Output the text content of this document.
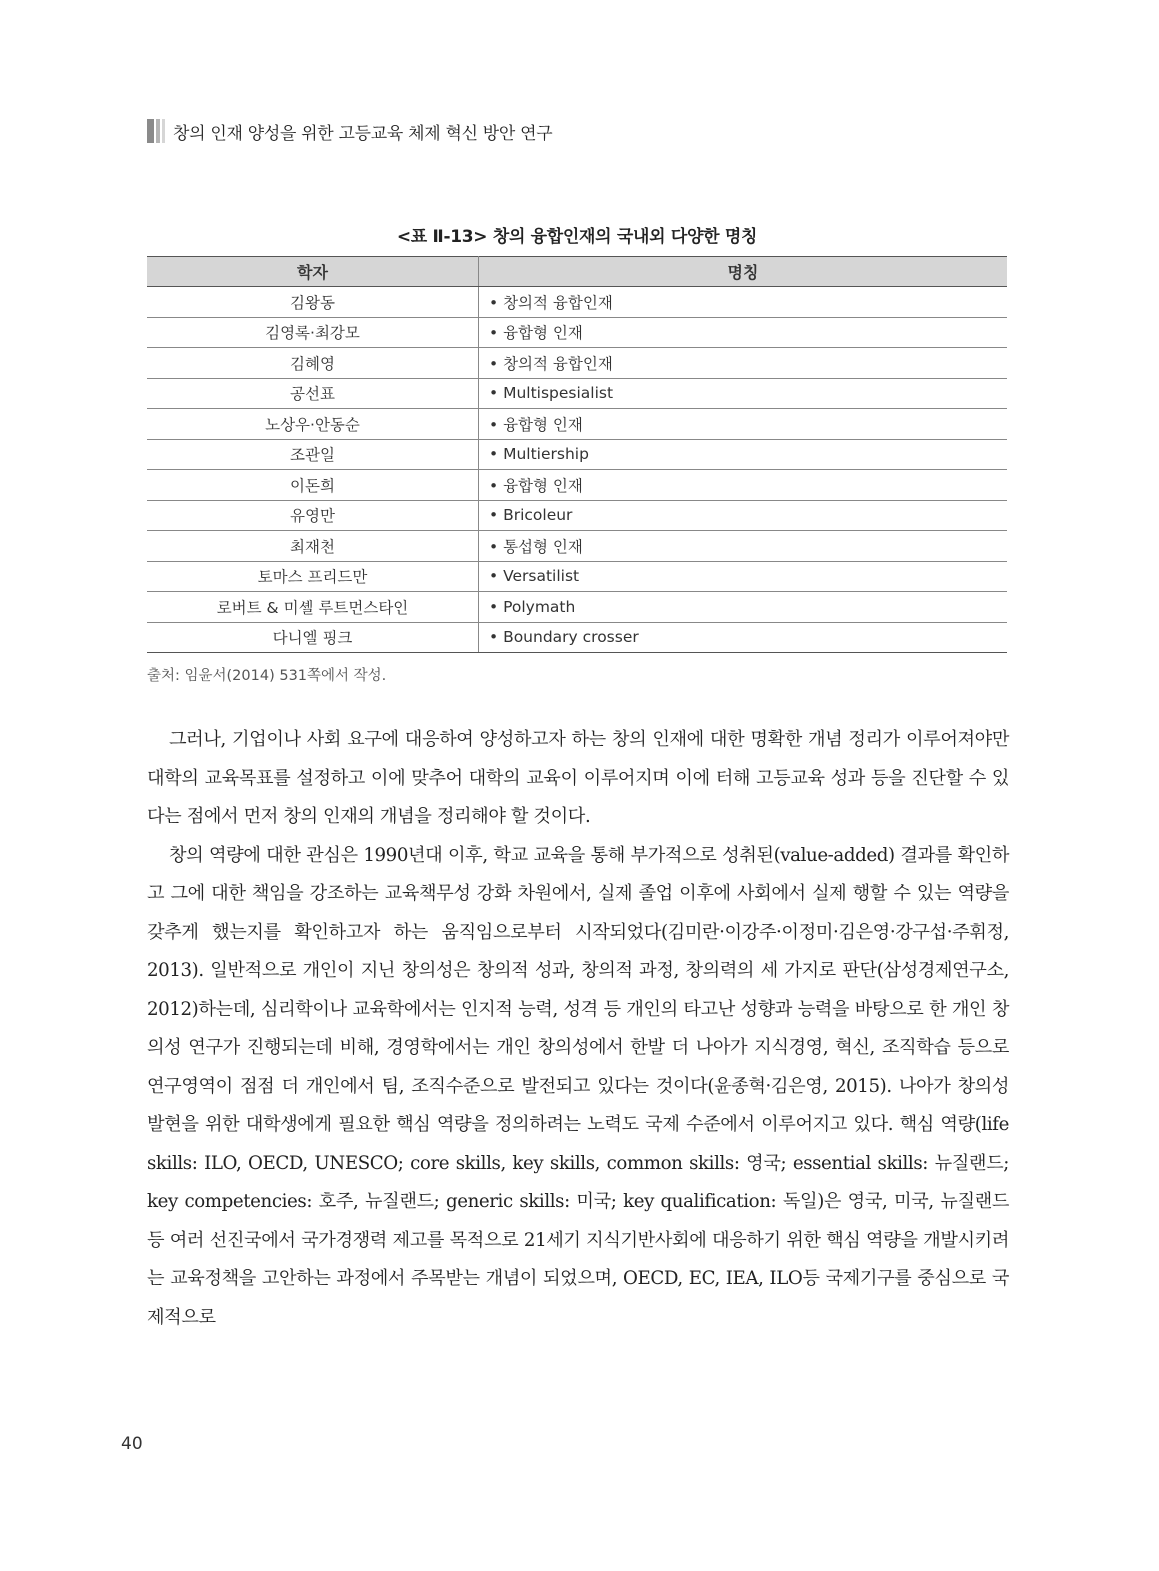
창의 인재 양성을 위한 고등교육 체제 혁신 방안 연구
<표 Ⅱ-13> 창의 융합인재의 국내외 다양한 명칭
학자	명칭
김왕동	• 창의적 융합인재
김영록·최강모	• 융합형 인재
김혜영	• 창의적 융합인재
공선표	• Multispesialist
노상우·안동순	• 융합형 인재
조관일	• Multiership
이돈희	• 융합형 인재
유영만	• Bricoleur
최재천	• 통섭형 인재
토마스 프리드만	• Versatilist
로버트 & 미셸 루트먼스타인	• Polymath
다니엘 핑크	• Boundary crosser
출처: 임윤서(2014) 531쪽에서 작성.

그러나, 기업이나 사회 요구에 대응하여 양성하고자 하는 창의 인재에 대한 명확한 개념 정리가 이루어져야만 대학의 교육목표를 설정하고 이에 맞추어 대학의 교육이 이루어지며 이에 터해 고등교육 성과 등을 진단할 수 있다는 점에서 먼저 창의 인재의 개념을 정리해야 할 것이다.

창의 역량에 대한 관심은 1990년대 이후, 학교 교육을 통해 부가적으로 성취된(value-added) 결과를 확인하고 그에 대한 책임을 강조하는 교육책무성 강화 차원에서, 실제 졸업 이후에 사회에서 실제 행할 수 있는 역량을 갖추게 했는지를 확인하고자 하는 움직임으로부터 시작되었다(김미란·이강주·이정미·김은영·강구섭·주휘정, 2013). 일반적으로 개인이 지닌 창의성은 창의적 성과, 창의적 과정, 창의력의 세 가지로 판단(삼성경제연구소, 2012)하는데, 심리학이나 교육학에서는 인지적 능력, 성격 등 개인의 타고난 성향과 능력을 바탕으로 한 개인 창의성 연구가 진행되는데 비해, 경영학에서는 개인 창의성에서 한발 더 나아가 지식경영, 혁신, 조직학습 등으로 연구영역이 점점 더 개인에서 팀, 조직수준으로 발전되고 있다는 것이다(윤종혁·김은영, 2015). 나아가 창의성 발현을 위한 대학생에게 필요한 핵심 역량을 정의하려는 노력도 국제 수준에서 이루어지고 있다. 핵심 역량(life skills: ILO, OECD, UNESCO; core skills, key skills, common skills: 영국; essential skills: 뉴질랜드; key competencies: 호주, 뉴질랜드; generic skills: 미국; key qualification: 독일)은 영국, 미국, 뉴질랜드 등 여러 선진국에서 국가경쟁력 제고를 목적으로 21세기 지식기반사회에 대응하기 위한 핵심 역량을 개발시키려는 교육정책을 고안하는 과정에서 주목받는 개념이 되었으며, OECD, EC, IEA, ILO등 국제기구를 중심으로 국제적으로

40
